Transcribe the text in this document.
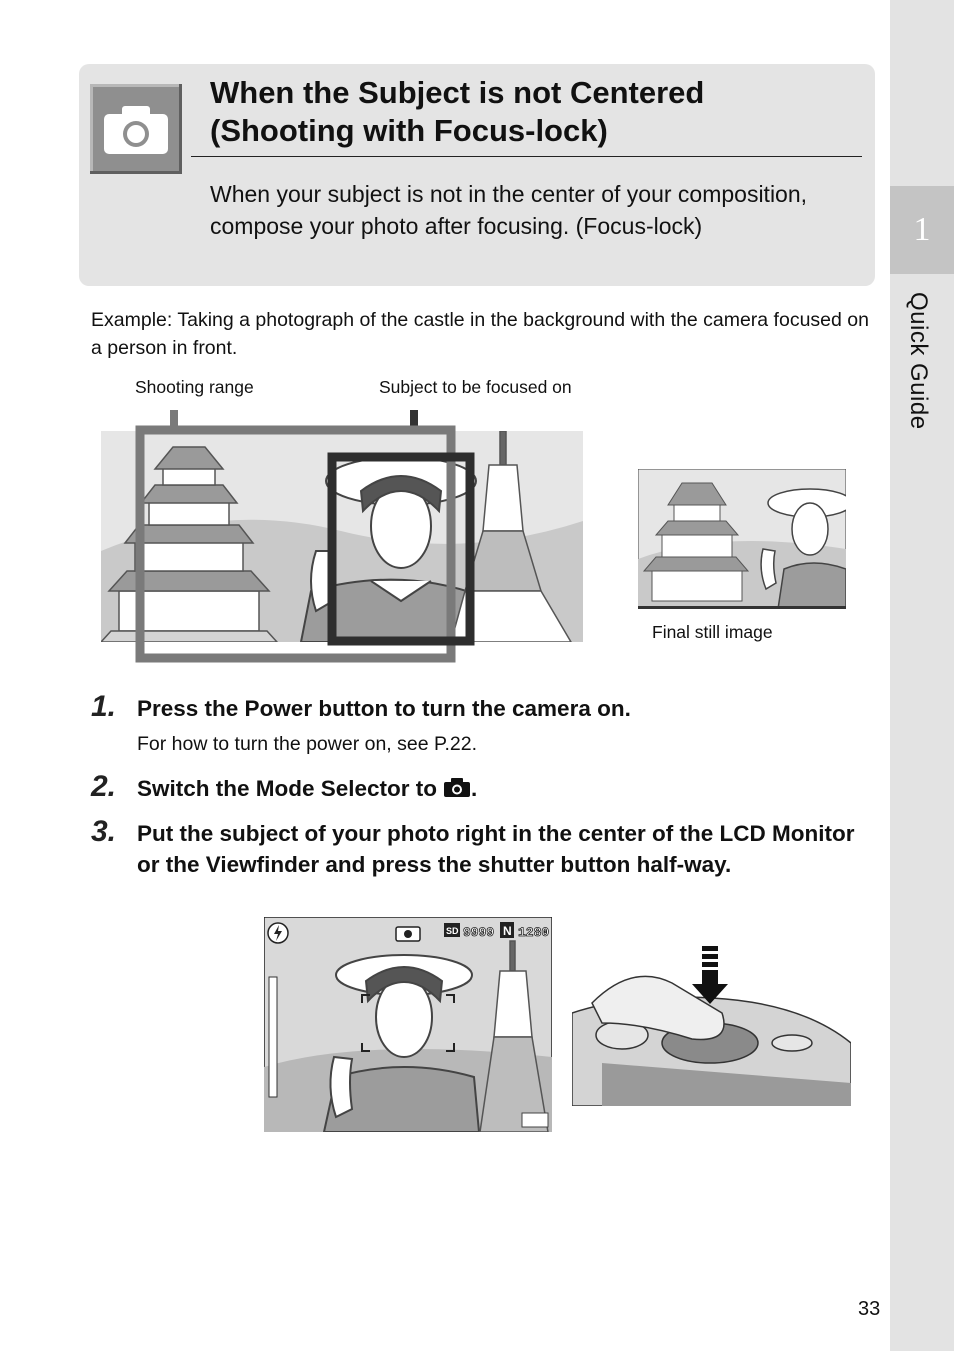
1
Quick Guide
When the Subject is not Centered
(Shooting with Focus-lock)
When your subject is not in the center of your composition, compose your photo after focusing. (Focus-lock)
Example: Taking a photograph of the castle in the background with the camera focused on a person in front.
Shooting range	Subject to be focused on
Final still image
1. Press the Power button to turn the camera on.
For how to turn the power on, see P.22.
2. Switch the Mode Selector to .
3. Put the subject of your photo right in the center of the LCD Monitor or the Viewfinder and press the shutter button half-way.
SD 9999 N 1280
33
